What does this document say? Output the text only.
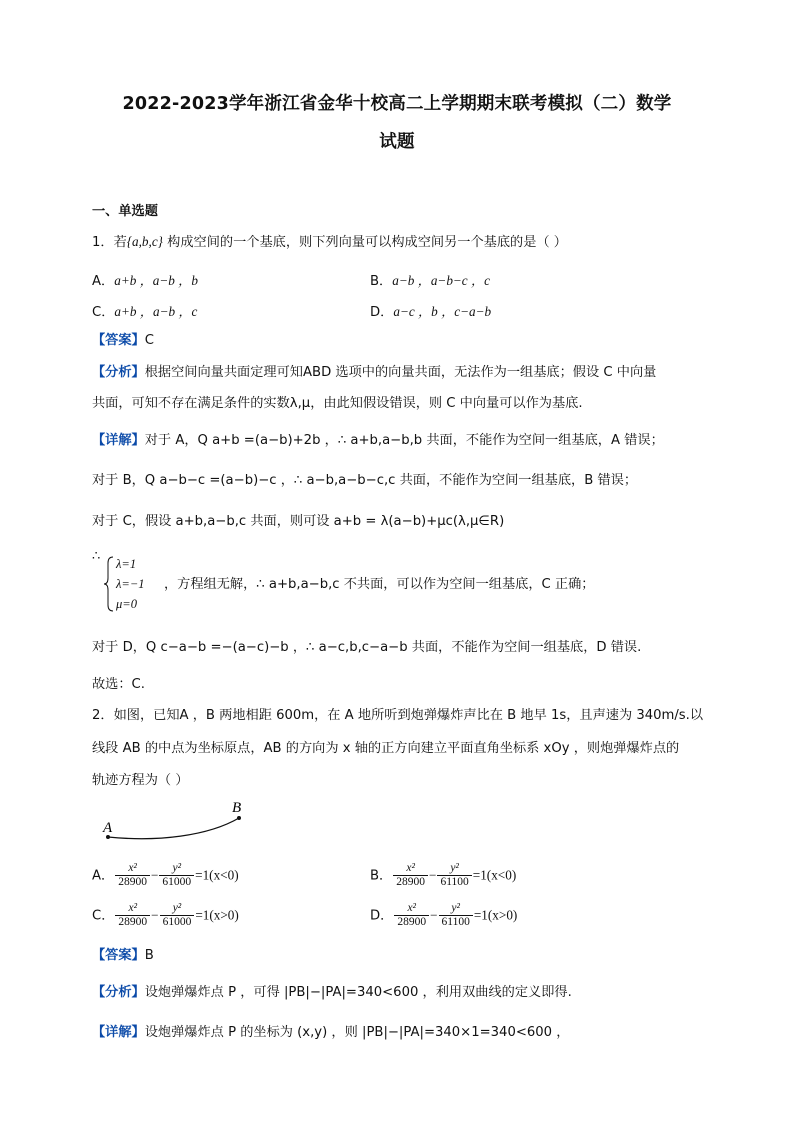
2022-2023学年浙江省金华十校高二上学期期末联考模拟（二）数学
试题
一、单选题
1．若{a,b,c} 构成空间的一个基底，则下列向量可以构成空间另一个基底的是（ ）
A．a+b ，a−b ，b	B．a−b ，a−b−c ，c
C．a+b ，a−b ，c	D．a−c ，b ，c−a−b
【答案】C
【分析】根据空间向量共面定理可知ABD 选项中的向量共面，无法作为一组基底；假设 C 中向量
共面，可知不存在满足条件的实数λ,μ，由此知假设错误，则 C 中向量可以作为基底.
【详解】对于 A，Q a+b =(a−b)+2b ，∴ a+b,a−b,b 共面，不能作为空间一组基底，A 错误；
对于 B，Q a−b−c =(a−b)−c ，∴ a−b,a−b−c,c 共面，不能作为空间一组基底，B 错误；
对于 C，假设 a+b,a−b,c 共面，则可设 a+b = λ(a−b)+μc(λ,μ∈R)
∴
λ=1
λ=−1
μ=0
，方程组无解，∴ a+b,a−b,c 不共面，可以作为空间一组基底，C 正确；
对于 D，Q c−a−b =−(a−c)−b ，∴ a−c,b,c−a−b 共面，不能作为空间一组基底，D 错误.
故选：C.
2．如图，已知A ，B 两地相距 600m，在 A 地所听到炮弹爆炸声比在 B 地早 1s，且声速为 340m/s.以
线段 AB 的中点为坐标原点，AB 的方向为 x 轴的正方向建立平面直角坐标系 xOy ，则炮弹爆炸点的
轨迹方程为（ ）
A
B
A． $\frac{\text{x²}}{28900} - \frac{\text{y²}}{61000} =1(x<0)$	B． $\frac{\text{x²}}{28900} - \frac{\text{y²}}{61100} =1(x<0)$
C． $\frac{\text{x²}}{28900} - \frac{\text{y²}}{61000} =1(x>0)$	D． $\frac{\text{x²}}{28900} - \frac{\text{y²}}{61100} =1(x>0)$
【答案】B
【分析】设炮弹爆炸点 P ，可得 |PB|−|PA|=340<600 ，利用双曲线的定义即得.
【详解】设炮弹爆炸点 P 的坐标为 (x,y) ，则 |PB|−|PA|=340×1=340<600 ，
